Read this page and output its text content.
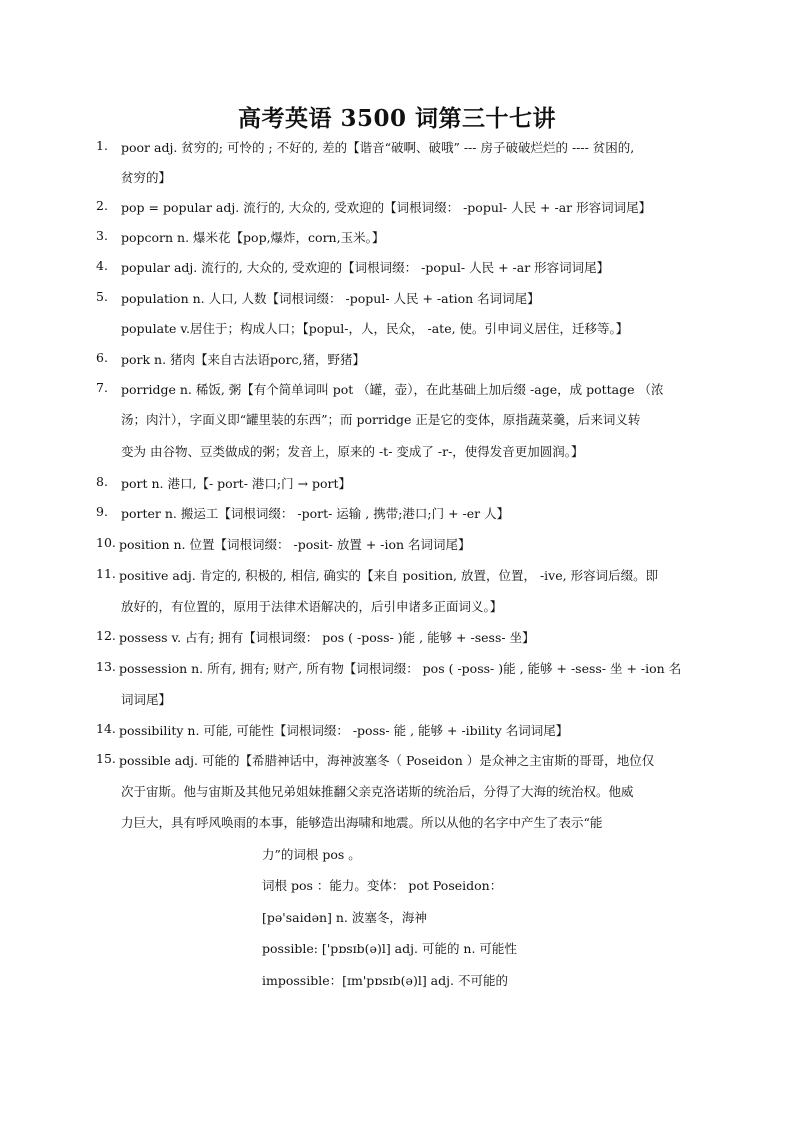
高考英语 3500 词第三十七讲
1. poor adj. 贫穷的; 可怜的 ; 不好的, 差的【谐音“破啊、破哦” --- 房子破破烂烂的 ---- 贫困的,
贫穷的】
2. pop = popular adj. 流行的, 大众的, 受欢迎的【词根词缀： -popul- 人民 + -ar 形容词词尾】
3. popcorn n. 爆米花【pop,爆炸，corn,玉米。】
4. popular adj. 流行的, 大众的, 受欢迎的【词根词缀： -popul- 人民 + -ar 形容词词尾】
5. population n. 人口, 人数【词根词缀： -popul- 人民 + -ation 名词词尾】
populate v.居住于；构成人口；【popul-，人，民众， -ate, 使。引申词义居住，迁移等。】
6. pork n. 猪肉【来自古法语porc,猪，野猪】
7. porridge n. 稀饭, 粥【有个简单词叫 pot （罐，壶），在此基础上加后缀 -age，成 pottage （浓
汤；肉汁），字面义即“罐里装的东西”；而 porridge 正是它的变体，原指蔬菜羹，后来词义转
变为 由谷物、豆类做成的粥；发音上，原来的 -t- 变成了 -r-，使得发音更加圆润。】
8. port n. 港口,【- port- 港口;门 → port】
9. porter n. 搬运工【词根词缀： -port- 运输 , 携带;港口;门 + -er 人】
10. position n. 位置【词根词缀： -posit- 放置 + -ion 名词词尾】
11. positive adj. 肯定的, 积极的, 相信, 确实的【来自 position, 放置，位置， -ive, 形容词后缀。即
放好的，有位置的，原用于法律术语解决的，后引申诸多正面词义。】
12. possess v. 占有; 拥有【词根词缀： pos ( -poss- )能 , 能够 + -sess- 坐】
13. possession n. 所有, 拥有; 财产, 所有物【词根词缀： pos ( -poss- )能 , 能够 + -sess- 坐 + -ion 名
词词尾】
14. possibility n. 可能, 可能性【词根词缀： -poss- 能 , 能够 + -ibility 名词词尾】
15. possible adj. 可能的【希腊神话中，海神波塞冬（ Poseidon ）是众神之主宙斯的哥哥，地位仅
次于宙斯。他与宙斯及其他兄弟姐妹推翻父亲克洛诺斯的统治后，分得了大海的统治权。他威
力巨大，具有呼风唤雨的本事，能够造出海啸和地震。所以从他的名字中产生了表示“能
力”的词根 pos 。
词根 pos ：能力。变体： pot Poseidon：
[pə'saidən] n. 波塞冬，海神
possible: ['pɒsɪb(ə)l] adj. 可能的 n. 可能性
impossible：[ɪm'pɒsɪb(ə)l] adj. 不可能的
